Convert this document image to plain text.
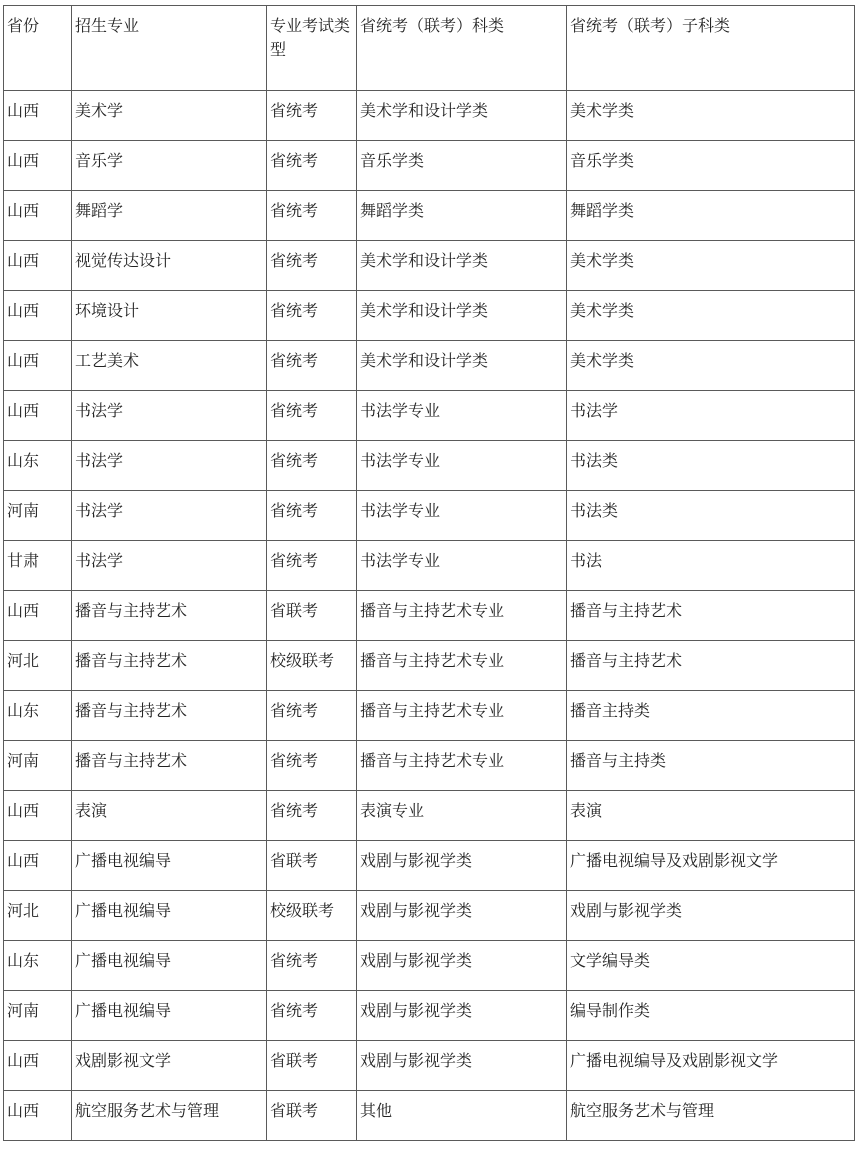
省份	招生专业	专业考试类型	省统考（联考）科类	省统考（联考）子科类
山西	美术学	省统考	美术学和设计学类	美术学类
山西	音乐学	省统考	音乐学类	音乐学类
山西	舞蹈学	省统考	舞蹈学类	舞蹈学类
山西	视觉传达设计	省统考	美术学和设计学类	美术学类
山西	环境设计	省统考	美术学和设计学类	美术学类
山西	工艺美术	省统考	美术学和设计学类	美术学类
山西	书法学	省统考	书法学专业	书法学
山东	书法学	省统考	书法学专业	书法类
河南	书法学	省统考	书法学专业	书法类
甘肃	书法学	省统考	书法学专业	书法
山西	播音与主持艺术	省联考	播音与主持艺术专业	播音与主持艺术
河北	播音与主持艺术	校级联考	播音与主持艺术专业	播音与主持艺术
山东	播音与主持艺术	省统考	播音与主持艺术专业	播音主持类
河南	播音与主持艺术	省统考	播音与主持艺术专业	播音与主持类
山西	表演	省统考	表演专业	表演
山西	广播电视编导	省联考	戏剧与影视学类	广播电视编导及戏剧影视文学
河北	广播电视编导	校级联考	戏剧与影视学类	戏剧与影视学类
山东	广播电视编导	省统考	戏剧与影视学类	文学编导类
河南	广播电视编导	省统考	戏剧与影视学类	编导制作类
山西	戏剧影视文学	省联考	戏剧与影视学类	广播电视编导及戏剧影视文学
山西	航空服务艺术与管理	省联考	其他	航空服务艺术与管理
